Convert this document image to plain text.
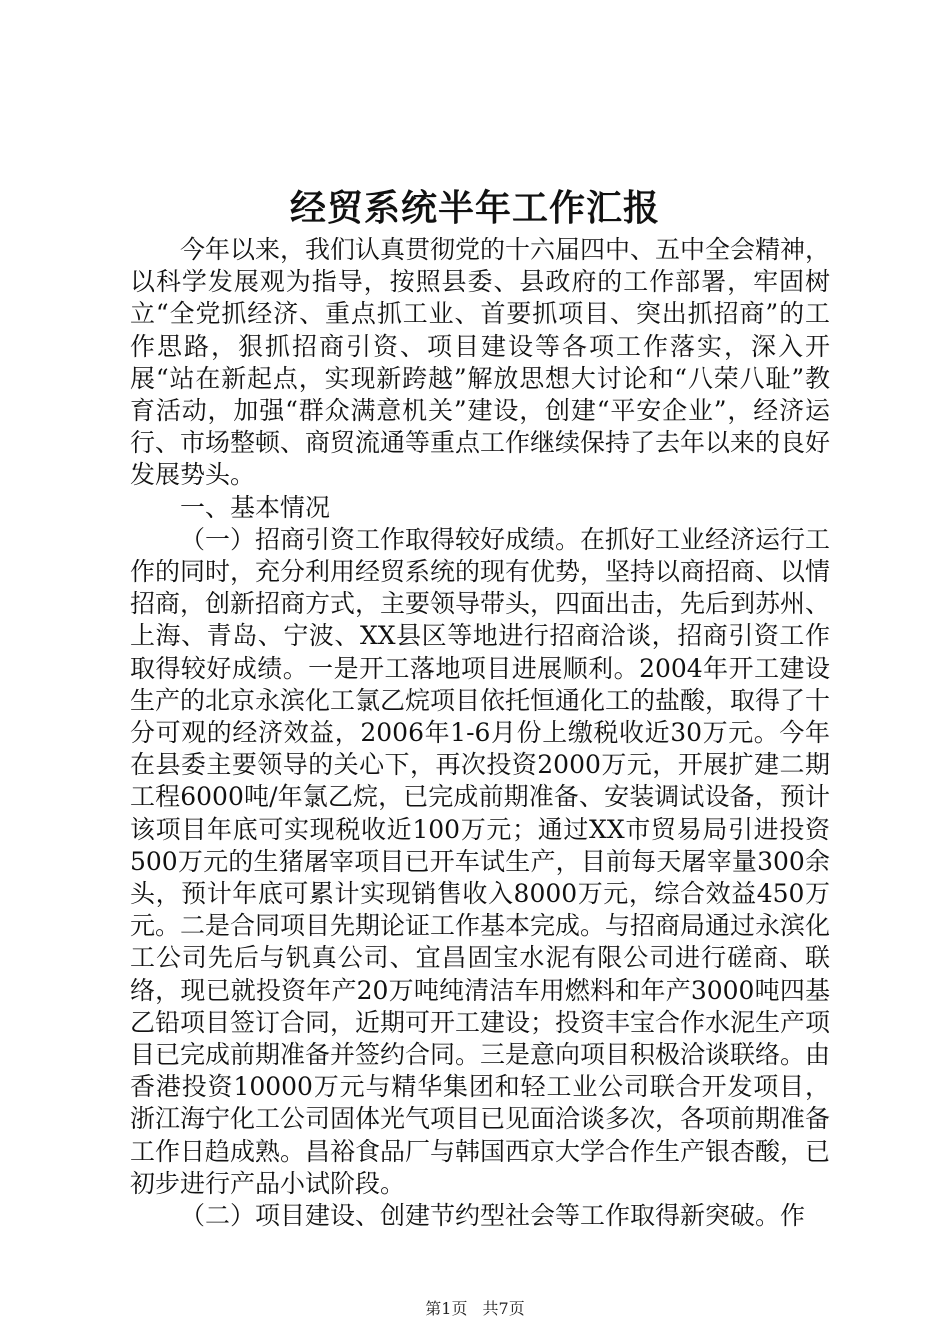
经贸系统半年工作汇报

今年以来，我们认真贯彻党的十六届四中、五中全会精神，以科学发展观为指导，按照县委、县政府的工作部署，牢固树立“全党抓经济、重点抓工业、首要抓项目、突出抓招商”的工作思路，狠抓招商引资、项目建设等各项工作落实，深入开展“站在新起点，实现新跨越”解放思想大讨论和“八荣八耻”教育活动，加强“群众满意机关”建设，创建“平安企业”，经济运行、市场整顿、商贸流通等重点工作继续保持了去年以来的良好发展势头。

一、基本情况

（一）招商引资工作取得较好成绩。在抓好工业经济运行工作的同时，充分利用经贸系统的现有优势，坚持以商招商、以情招商，创新招商方式，主要领导带头，四面出击，先后到苏州、上海、青岛、宁波、XX县区等地进行招商洽谈，招商引资工作取得较好成绩。一是开工落地项目进展顺利。2004年开工建设生产的北京永滨化工氯乙烷项目依托恒通化工的盐酸，取得了十分可观的经济效益，2006年1-6月份上缴税收近30万元。今年在县委主要领导的关心下，再次投资2000万元，开展扩建二期工程6000吨/年氯乙烷，已完成前期准备、安装调试设备，预计该项目年底可实现税收近100万元；通过XX市贸易局引进投资500万元的生猪屠宰项目已开车试生产，目前每天屠宰量300余头，预计年底可累计实现销售收入8000万元，综合效益450万元。二是合同项目先期论证工作基本完成。与招商局通过永滨化工公司先后与钒真公司、宜昌固宝水泥有限公司进行磋商、联络，现已就投资年产20万吨纯清洁车用燃料和年产3000吨四基乙铅项目签订合同，近期可开工建设；投资丰宝合作水泥生产项目已完成前期准备并签约合同。三是意向项目积极洽谈联络。由香港投资10000万元与精华集团和轻工业公司联合开发项目，浙江海宁化工公司固体光气项目已见面洽谈多次，各项前期准备工作日趋成熟。昌裕食品厂与韩国西京大学合作生产银杏酸，已初步进行产品小试阶段。

（二）项目建设、创建节约型社会等工作取得新突破。作

第1页 共7页
